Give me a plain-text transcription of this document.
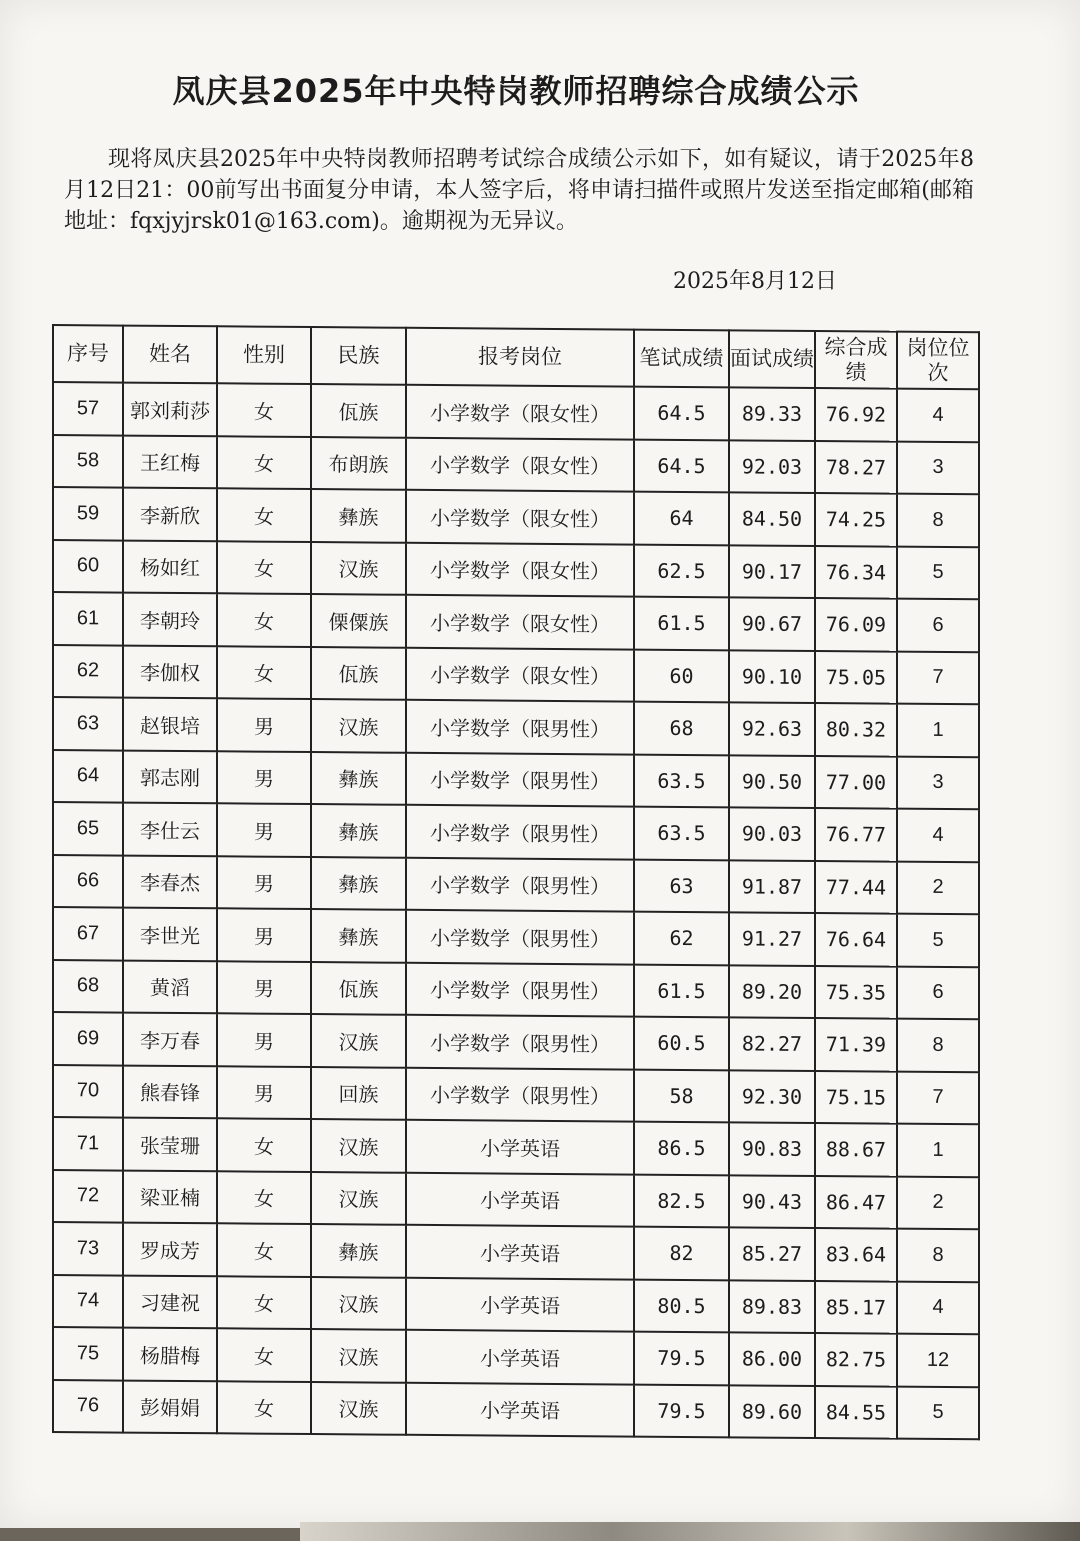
凤庆县2025年中央特岗教师招聘综合成绩公示
现将凤庆县2025年中央特岗教师招聘考试综合成绩公示如下，如有疑议，请于2025年8月12日21：00前写出书面复分申请，本人签字后，将申请扫描件或照片发送至指定邮箱(邮箱地址：fqxjyjrsk01@163.com)。逾期视为无异议。
2025年8月12日
序号	姓名	性别	民族	报考岗位	笔试成绩	面试成绩	综合成绩	岗位位次
57	郭刘莉莎	女	佤族	小学数学（限女性）	64.5	89.33	76.92	4
58	王红梅	女	布朗族	小学数学（限女性）	64.5	92.03	78.27	3
59	李新欣	女	彝族	小学数学（限女性）	64	84.50	74.25	8
60	杨如红	女	汉族	小学数学（限女性）	62.5	90.17	76.34	5
61	李朝玲	女	傈僳族	小学数学（限女性）	61.5	90.67	76.09	6
62	李伽权	女	佤族	小学数学（限女性）	60	90.10	75.05	7
63	赵银培	男	汉族	小学数学（限男性）	68	92.63	80.32	1
64	郭志刚	男	彝族	小学数学（限男性）	63.5	90.50	77.00	3
65	李仕云	男	彝族	小学数学（限男性）	63.5	90.03	76.77	4
66	李春杰	男	彝族	小学数学（限男性）	63	91.87	77.44	2
67	李世光	男	彝族	小学数学（限男性）	62	91.27	76.64	5
68	黄滔	男	佤族	小学数学（限男性）	61.5	89.20	75.35	6
69	李万春	男	汉族	小学数学（限男性）	60.5	82.27	71.39	8
70	熊春锋	男	回族	小学数学（限男性）	58	92.30	75.15	7
71	张莹珊	女	汉族	小学英语	86.5	90.83	88.67	1
72	梁亚楠	女	汉族	小学英语	82.5	90.43	86.47	2
73	罗成芳	女	彝族	小学英语	82	85.27	83.64	8
74	习建祝	女	汉族	小学英语	80.5	89.83	85.17	4
75	杨腊梅	女	汉族	小学英语	79.5	86.00	82.75	12
76	彭娟娟	女	汉族	小学英语	79.5	89.60	84.55	5
